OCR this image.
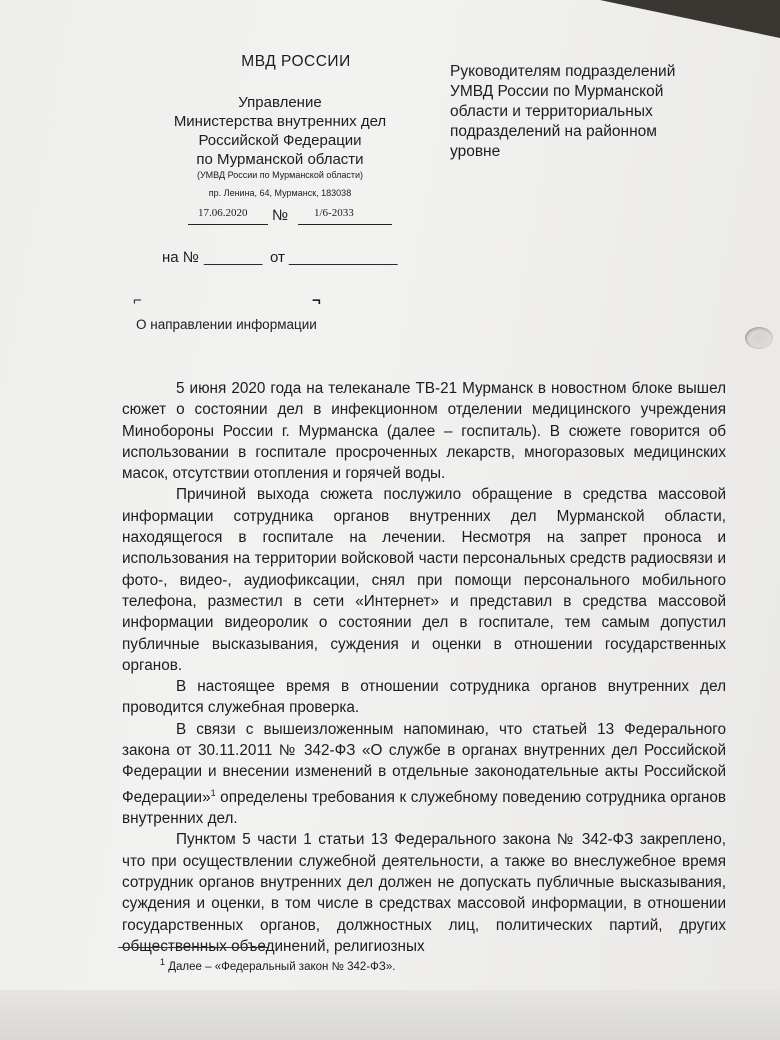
МВД РОССИИ
Управление
Министерства внутренних дел
Российской Федерации
по Мурманской области
(УМВД России по Мурманской области)
пр. Ленина, 64, Мурманск, 183038
17.06.2020 № 1/6-2033
на № _______ от _____________
Руководителям подразделений УМВД России по Мурманской области и территориальных подразделений на районном уровне
⌐	¬
О направлении информации

5 июня 2020 года на телеканале ТВ-21 Мурманск в новостном блоке вышел сюжет о состоянии дел в инфекционном отделении медицинского учреждения Минобороны России г. Мурманска (далее – госпиталь). В сюжете говорится об использовании в госпитале просроченных лекарств, многоразовых медицинских масок, отсутствии отопления и горячей воды.

Причиной выхода сюжета послужило обращение в средства массовой информации сотрудника органов внутренних дел Мурманской области, находящегося в госпитале на лечении. Несмотря на запрет проноса и использования на территории войсковой части персональных средств радиосвязи и фото-, видео-, аудиофиксации, снял при помощи персонального мобильного телефона, разместил в сети «Интернет» и представил в средства массовой информации видеоролик о состоянии дел в госпитале, тем самым допустил публичные высказывания, суждения и оценки в отношении государственных органов.

В настоящее время в отношении сотрудника органов внутренних дел проводится служебная проверка.

В связи с вышеизложенным напоминаю, что статьей 13 Федерального закона от 30.11.2011 № 342-ФЗ «О службе в органах внутренних дел Российской Федерации и внесении изменений в отдельные законодательные акты Российской Федерации»$^1$ определены требования к служебному поведению сотрудника органов внутренних дел.

Пунктом 5 части 1 статьи 13 Федерального закона № 342-ФЗ закреплено, что при осуществлении служебной деятельности, а также во внеслужебное время сотрудник органов внутренних дел должен не допускать публичные высказывания, суждения и оценки, в том числе в средствах массовой информации, в отношении государственных органов, должностных лиц, политических партий, других общественных объединений, религиозных

$^1$ Далее – «Федеральный закон № 342-ФЗ».
